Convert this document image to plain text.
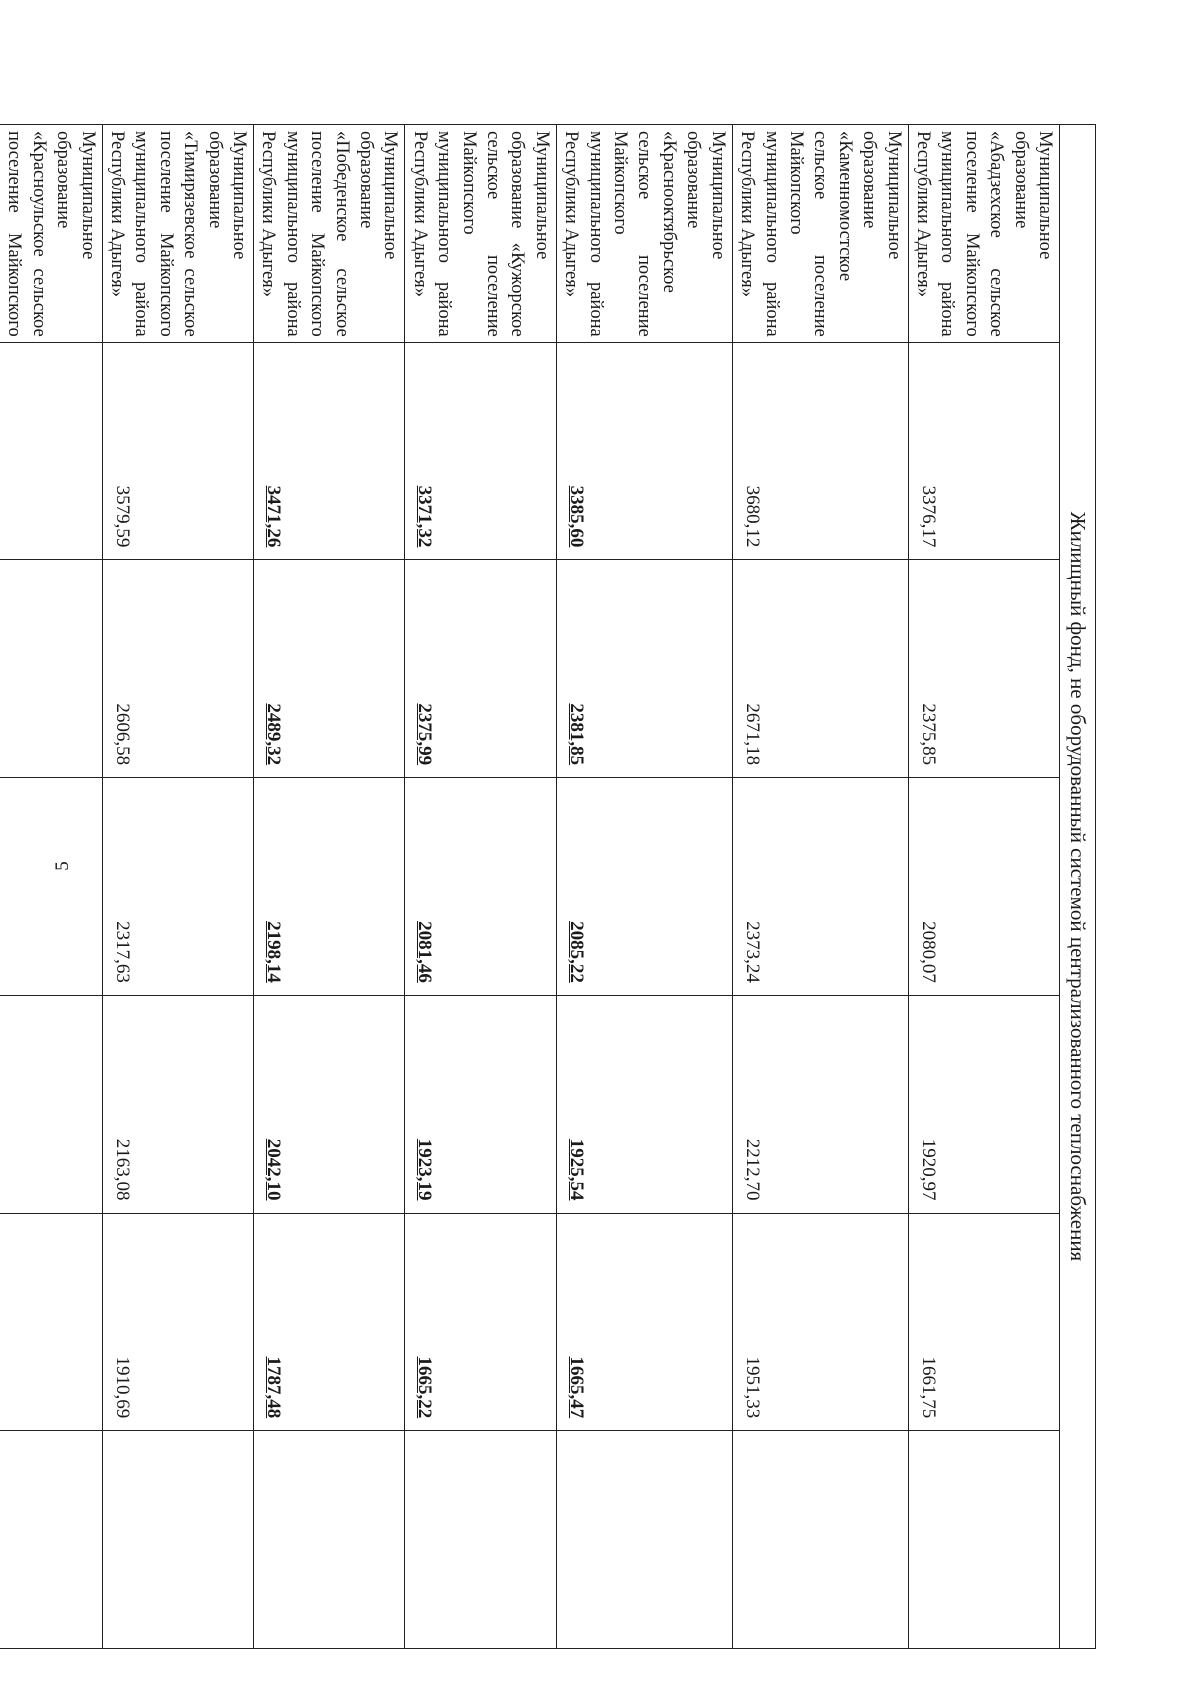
5	Жилищный фонд, не оборудованный системой централизованного теплоснабжения						
Муниципальное образование «Абадзехское сельское поселение Майкопского муниципального района Республики Адыгея»	3376,17	2375,85	2080,07	1920,97	1661,75	
Муниципальное образование «Каменномостское сельское поселение Майкопского муниципального района Республики Адыгея»	3680,12	2671,18	2373,24	2212,70	1951,33	
Муниципальное образование «Краснооктябрьское сельское поселение Майкопского муниципального района Республики Адыгея»	3385,60	2381,85	2085,22	1925,54	1665,47	
Муниципальное образование «Кужорское сельское поселение Майкопского муниципального района Республики Адыгея»	3371,32	2375,99	2081,46	1923,19	1665,22	
Муниципальное образование «Победенское сельское поселение Майкопского муниципального района Республики Адыгея»	3471,26	2489,32	2198,14	2042,10	1787,48	
Муниципальное образование «Тимирязевское сельское поселение Майкопского муниципального района Республики Адыгея»	3579,59	2606,58	2317,63	2163,08	1910,69	
Муниципальное образование «Красноульское сельское поселение Майкопского						
